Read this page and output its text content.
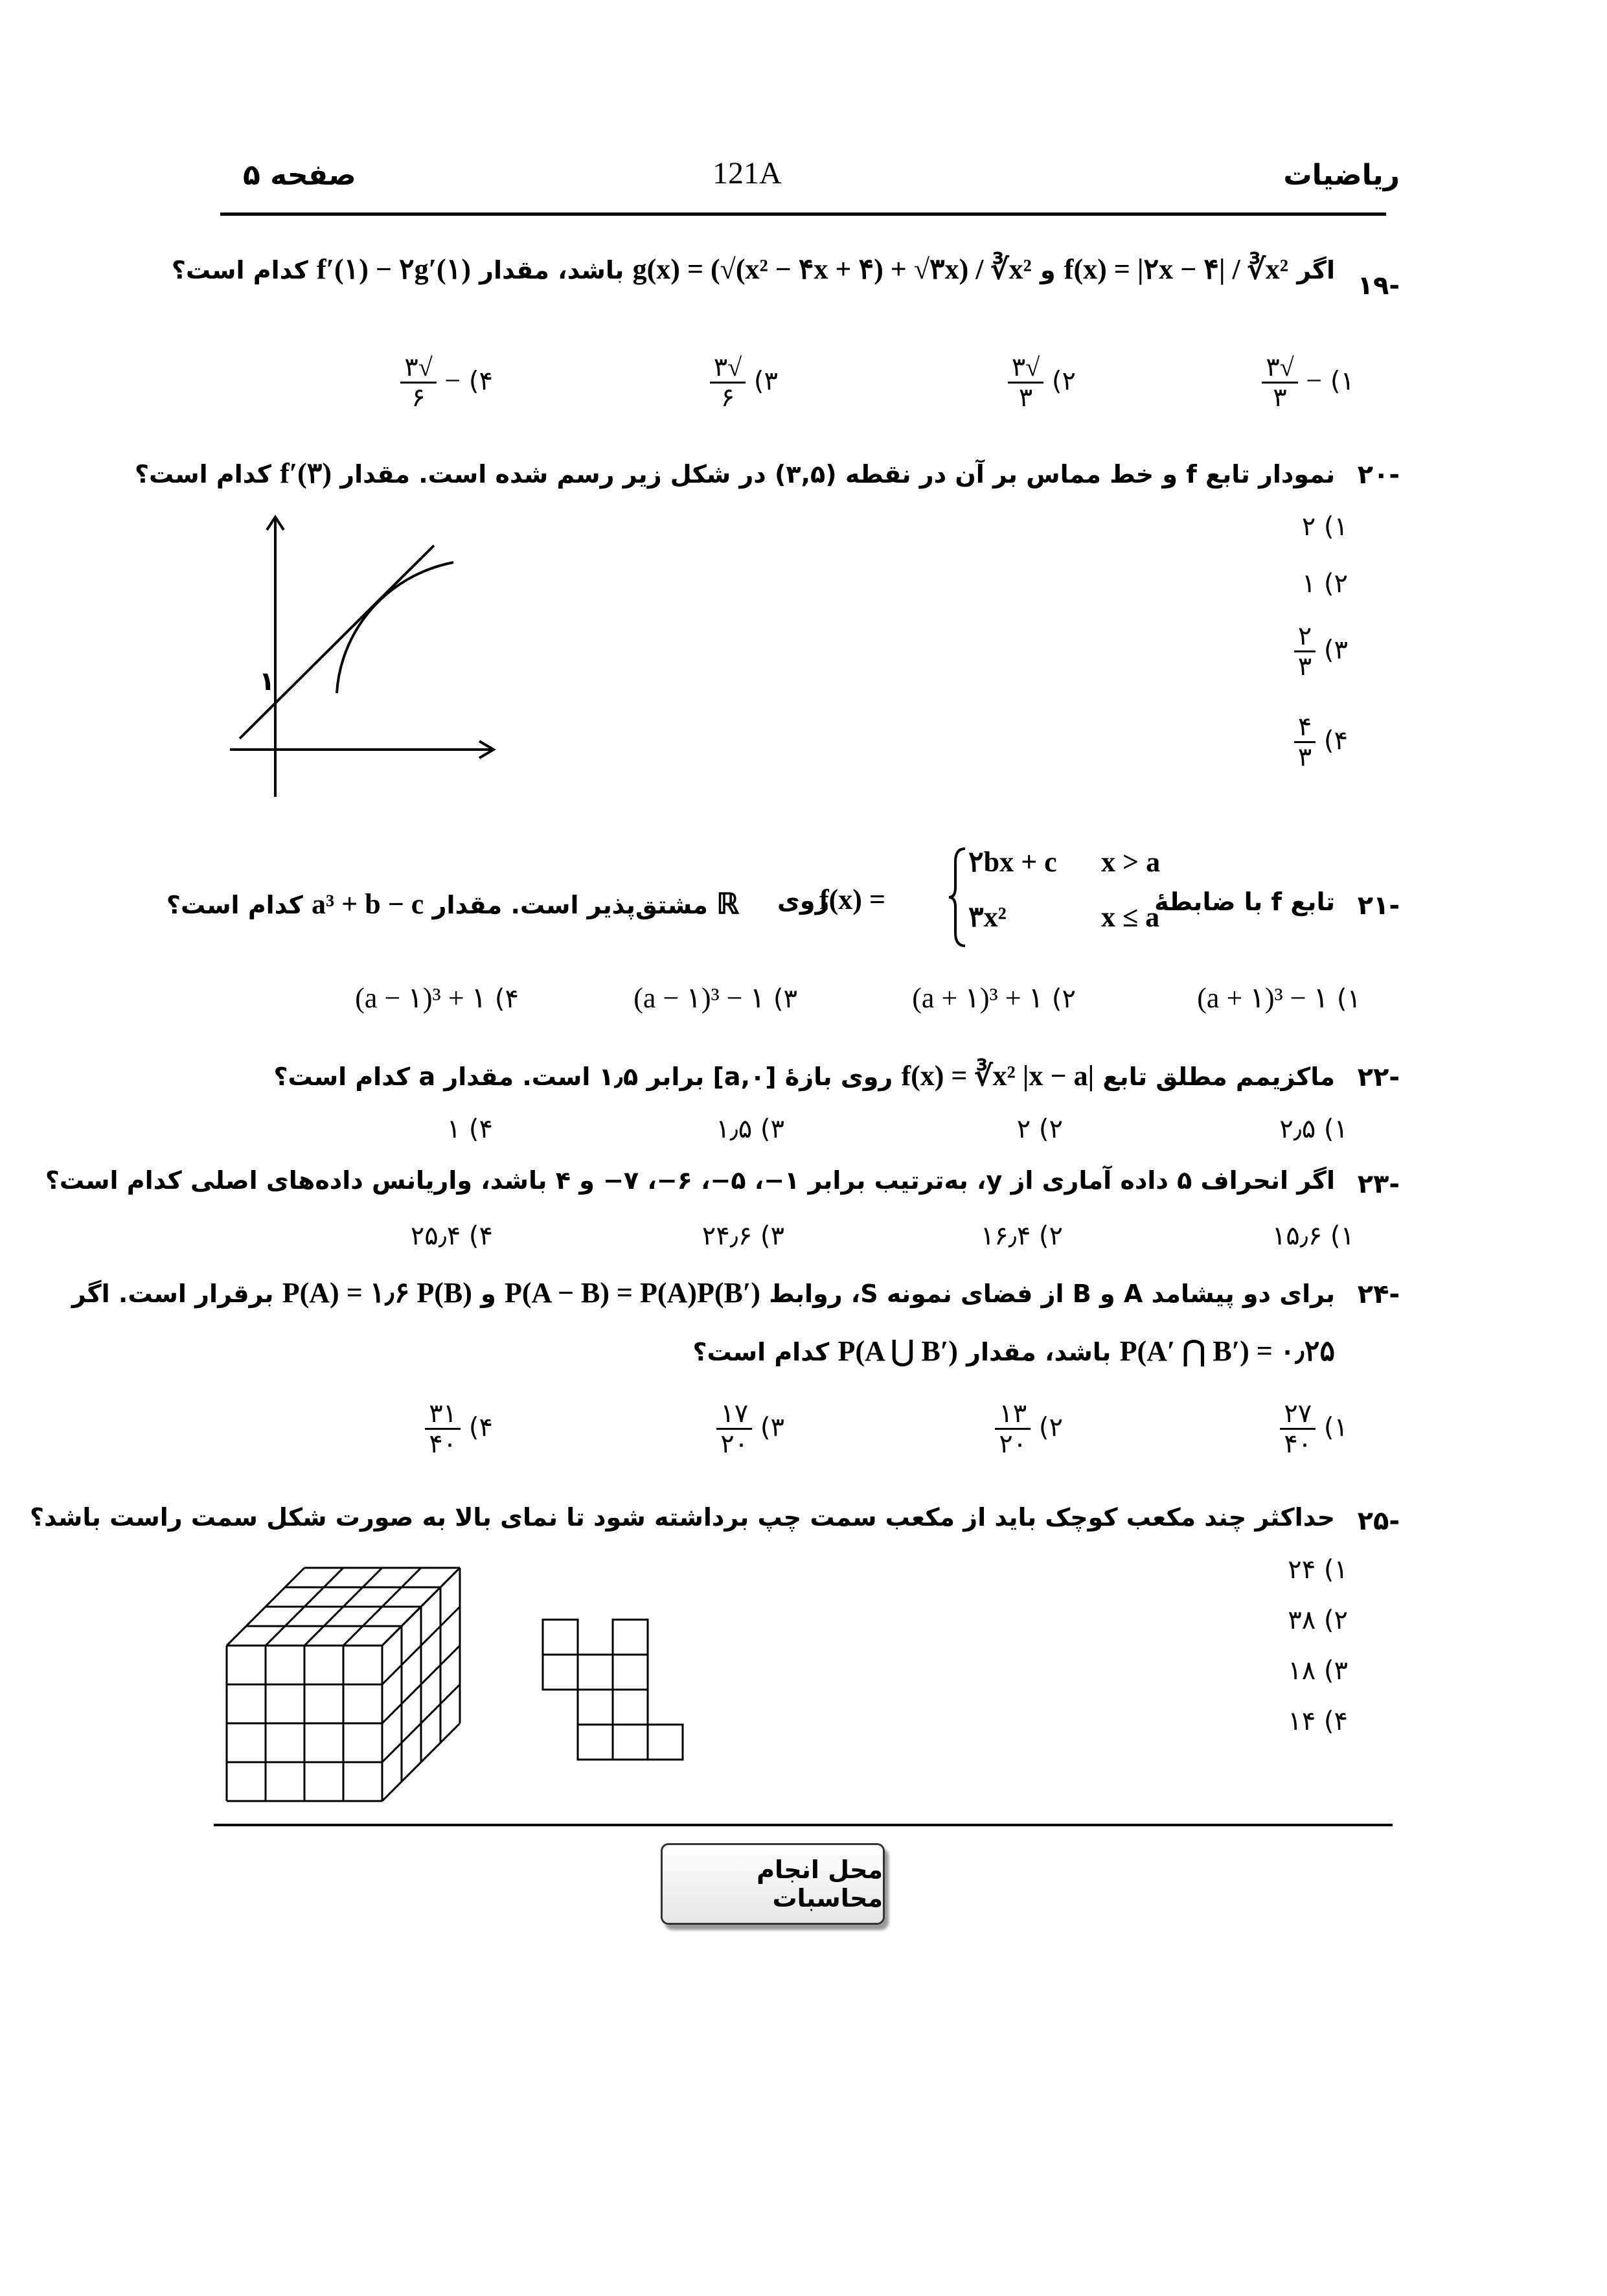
ریاضیات
121A
صفحه ۵
-۱۹
اگر f(x) = |۲x − ۴| / ∛x² و g(x) = (√(x² − ۴x + ۴) + √۳x) / ∛x² باشد، مقدار f′(۱) − ۲g′(۱) کدام است؟
۱) −
$\frac{√۳}{۳}$
۲)
$\frac{√۳}{۳}$
۳)
$\frac{√۳}{۶}$
۴) −
$\frac{√۳}{۶}$
-۲۰
نمودار تابع f و خط مماس بر آن در نقطه (۳,۵) در شکل زیر رسم شده است. مقدار f′(۳) کدام است؟
۱) ۲
۲) ۱
۳)
$\frac{۲}{۳}$
۴)
$\frac{۴}{۳}$
۱
-۲۱
تابع f با ضابطهٔ
۲bx + c x > a
۳x²	x ≤ a
f(x) =
روی
ℝ مشتق‌پذیر است. مقدار a³ + b − c کدام است؟
۱) (a + ۱)³ − ۱
۲) (a + ۱)³ + ۱
۳) (a − ۱)³ − ۱
۴) (a − ۱)³ + ۱
-۲۲
ماکزیمم مطلق تابع f(x) = ∛x² |x − a| روی بازهٔ [۰,a] برابر ۱٫۵ است. مقدار a کدام است؟
۱) ۲٫۵
۲) ۲
۳) ۱٫۵
۴) ۱
-۲۳
اگر انحراف ۵ داده آماری از y، به‌ترتیب برابر ۱−، ۵−، ۶−، ۷− و ۴ باشد، واریانس داده‌های اصلی کدام است؟
۱) ۱۵٫۶
۲) ۱۶٫۴
۳) ۲۴٫۶
۴) ۲۵٫۴
-۲۴
برای دو پیشامد A و B از فضای نمونه S، روابط P(A − B) = P(A)P(B′) و P(A) = ۱٫۶ P(B) برقرار است. اگر
P(A′ ⋂ B′) = ۰٫۲۵ باشد، مقدار P(A ⋃ B′) کدام است؟
۱)
$\frac{۲۷}{۴۰}$
۲)
$\frac{۱۳}{۲۰}$
۳)
$\frac{۱۷}{۲۰}$
۴)
$\frac{۳۱}{۴۰}$
-۲۵
حداکثر چند مکعب کوچک باید از مکعب سمت چپ برداشته شود تا نمای بالا به صورت شکل سمت راست باشد؟
۱) ۲۴
۲) ۳۸
۳) ۱۸
۴) ۱۴
محل انجام محاسبات
